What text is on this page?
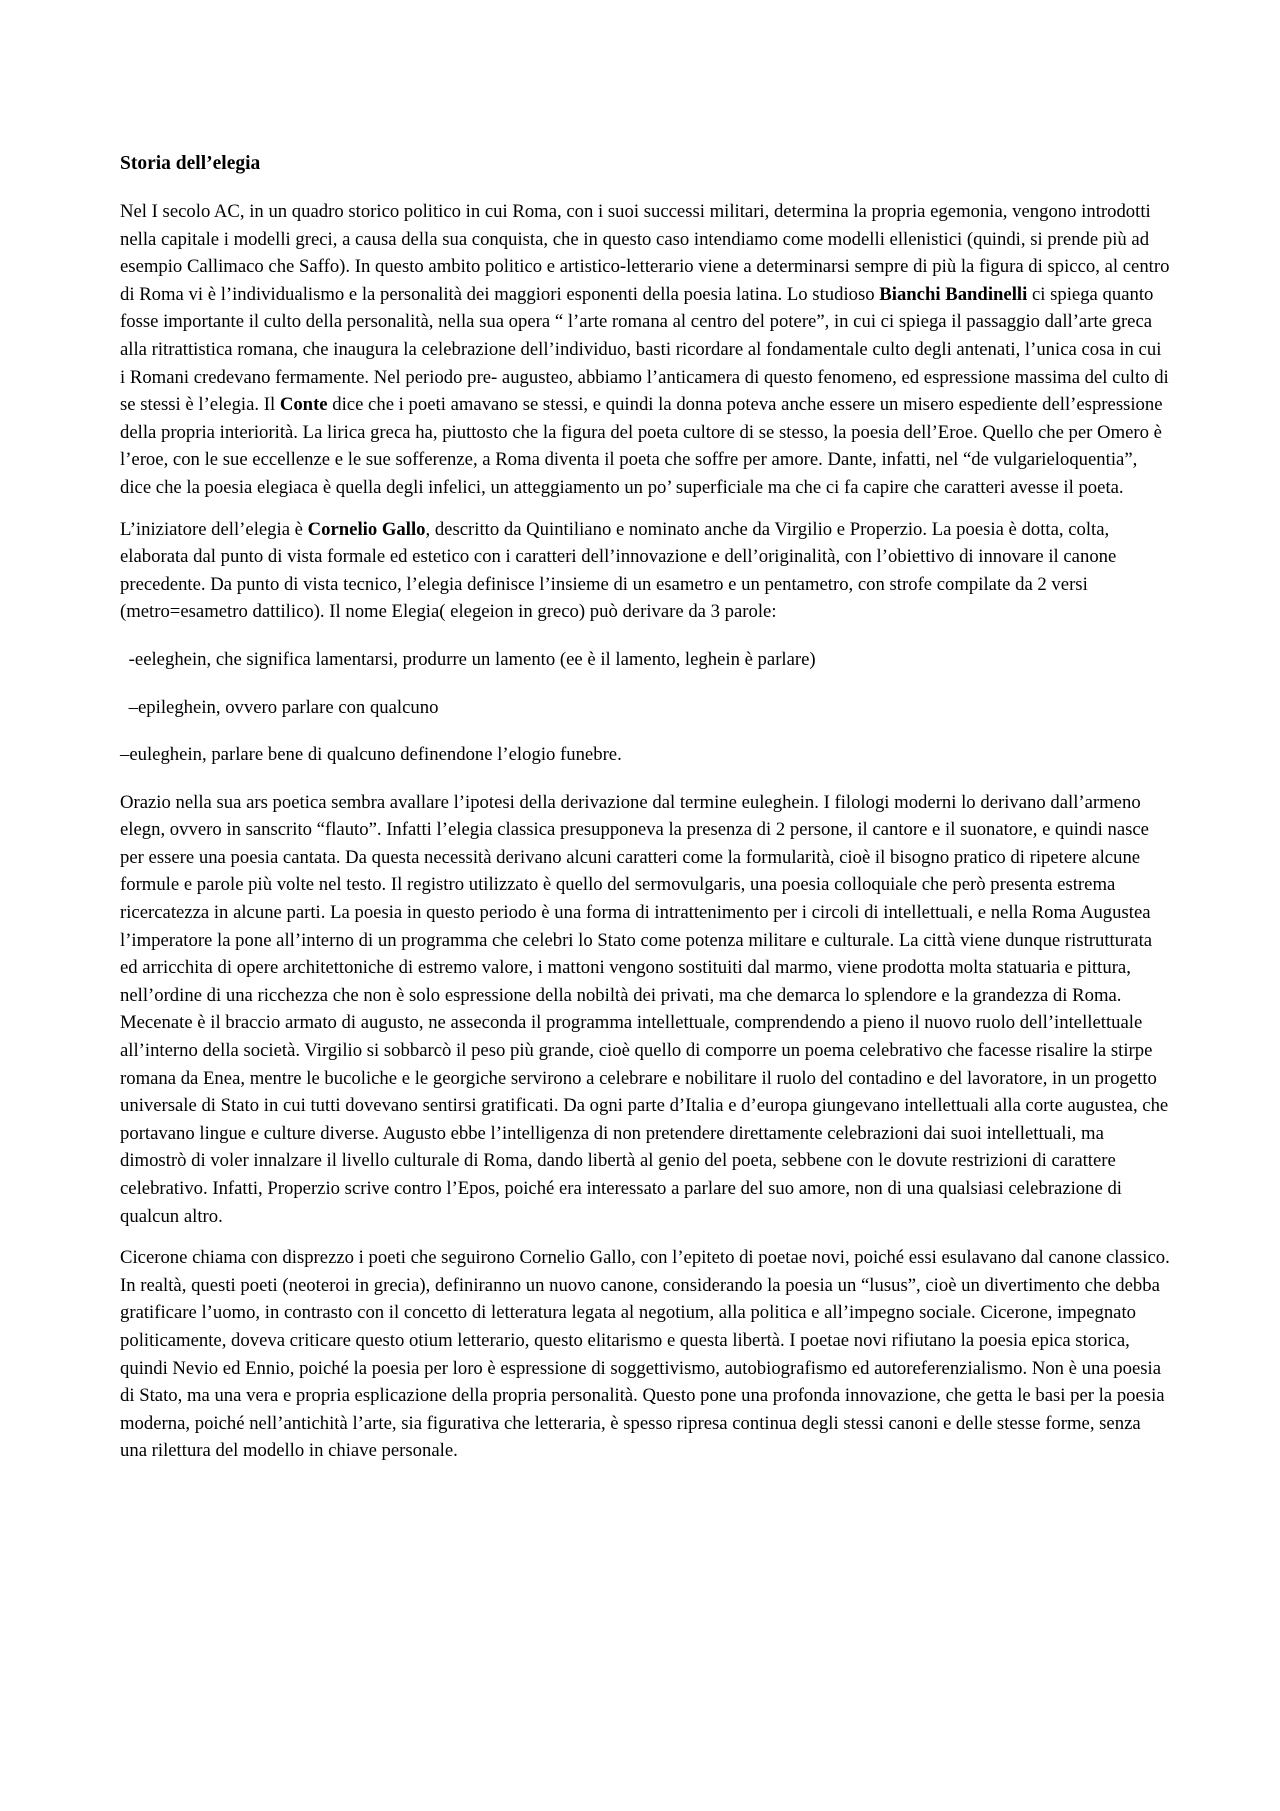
Storia dell’elegia

Nel I secolo AC, in un quadro storico politico in cui Roma, con i suoi successi militari, determina la propria egemonia, vengono introdotti nella capitale i modelli greci, a causa della sua conquista, che in questo caso intendiamo come modelli ellenistici (quindi, si prende più ad esempio Callimaco che Saffo). In questo ambito politico e artistico-letterario viene a determinarsi sempre di più la figura di spicco, al centro di Roma vi è l’individualismo e la personalità dei maggiori esponenti della poesia latina. Lo studioso Bianchi Bandinelli ci spiega quanto fosse importante il culto della personalità, nella sua opera “ l’arte romana al centro del potere”, in cui ci spiega il passaggio dall’arte greca alla ritrattistica romana, che inaugura la celebrazione dell’individuo, basti ricordare al fondamentale culto degli antenati, l’unica cosa in cui i Romani credevano fermamente. Nel periodo pre- augusteo, abbiamo l’anticamera di questo fenomeno, ed espressione massima del culto di se stessi è l’elegia. Il Conte dice che i poeti amavano se stessi, e quindi la donna poteva anche essere un misero espediente dell’espressione della propria interiorità. La lirica greca ha, piuttosto che la figura del poeta cultore di se stesso, la poesia dell’Eroe. Quello che per Omero è l’eroe, con le sue eccellenze e le sue sofferenze, a Roma diventa il poeta che soffre per amore. Dante, infatti, nel “de vulgarieloquentia”, dice che la poesia elegiaca è quella degli infelici, un atteggiamento un po’ superficiale ma che ci fa capire che caratteri avesse il poeta.

L’iniziatore dell’elegia è Cornelio Gallo, descritto da Quintiliano e nominato anche da Virgilio e Properzio. La poesia è dotta, colta, elaborata dal punto di vista formale ed estetico con i caratteri dell’innovazione e dell’originalità, con l’obiettivo di innovare il canone precedente. Da punto di vista tecnico, l’elegia definisce l’insieme di un esametro e un pentametro, con strofe compilate da 2 versi (metro=esametro dattilico). Il nome Elegia( elegeion in greco) può derivare da 3 parole:

-eeleghein, che significa lamentarsi, produrre un lamento (ee è il lamento, leghein è parlare)
–epileghein, ovvero parlare con qualcuno
–euleghein, parlare bene di qualcuno definendone l’elogio funebre.

Orazio nella sua ars poetica sembra avallare l’ipotesi della derivazione dal termine euleghein. I filologi moderni lo derivano dall’armeno elegn, ovvero in sanscrito “flauto”. Infatti l’elegia classica presupponeva la presenza di 2 persone, il cantore e il suonatore, e quindi nasce per essere una poesia cantata. Da questa necessità derivano alcuni caratteri come la formularità, cioè il bisogno pratico di ripetere alcune formule e parole più volte nel testo. Il registro utilizzato è quello del sermovulgaris, una poesia colloquiale che però presenta estrema ricercatezza in alcune parti. La poesia in questo periodo è una forma di intrattenimento per i circoli di intellettuali, e nella Roma Augustea l’imperatore la pone all’interno di un programma che celebri lo Stato come potenza militare e culturale. La città viene dunque ristrutturata ed arricchita di opere architettoniche di estremo valore, i mattoni vengono sostituiti dal marmo, viene prodotta molta statuaria e pittura, nell’ordine di una ricchezza che non è solo espressione della nobiltà dei privati, ma che demarca lo splendore e la grandezza di Roma. Mecenate è il braccio armato di augusto, ne asseconda il programma intellettuale, comprendendo a pieno il nuovo ruolo dell’intellettuale all’interno della società. Virgilio si sobbarcò il peso più grande, cioè quello di comporre un poema celebrativo che facesse risalire la stirpe romana da Enea, mentre le bucoliche e le georgiche servirono a celebrare e nobilitare il ruolo del contadino e del lavoratore, in un progetto universale di Stato in cui tutti dovevano sentirsi gratificati. Da ogni parte d’Italia e d’europa giungevano intellettuali alla corte augustea, che portavano lingue e culture diverse. Augusto ebbe l’intelligenza di non pretendere direttamente celebrazioni dai suoi intellettuali, ma dimostrò di voler innalzare il livello culturale di Roma, dando libertà al genio del poeta, sebbene con le dovute restrizioni di carattere celebrativo. Infatti, Properzio scrive contro l’Epos, poiché era interessato a parlare del suo amore, non di una qualsiasi celebrazione di qualcun altro.

Cicerone chiama con disprezzo i poeti che seguirono Cornelio Gallo, con l’epiteto di poetae novi, poiché essi esulavano dal canone classico. In realtà, questi poeti (neoteroi in grecia), definiranno un nuovo canone, considerando la poesia un “lusus”, cioè un divertimento che debba gratificare l’uomo, in contrasto con il concetto di letteratura legata al negotium, alla politica e all’impegno sociale. Cicerone, impegnato politicamente, doveva criticare questo otium letterario, questo elitarismo e questa libertà. I poetae novi rifiutano la poesia epica storica, quindi Nevio ed Ennio, poiché la poesia per loro è espressione di soggettivismo, autobiografismo ed autoreferenzialismo. Non è una poesia di Stato, ma una vera e propria esplicazione della propria personalità. Questo pone una profonda innovazione, che getta le basi per la poesia moderna, poiché nell’antichità l’arte, sia figurativa che letteraria, è spesso ripresa continua degli stessi canoni e delle stesse forme, senza una rilettura del modello in chiave personale.
